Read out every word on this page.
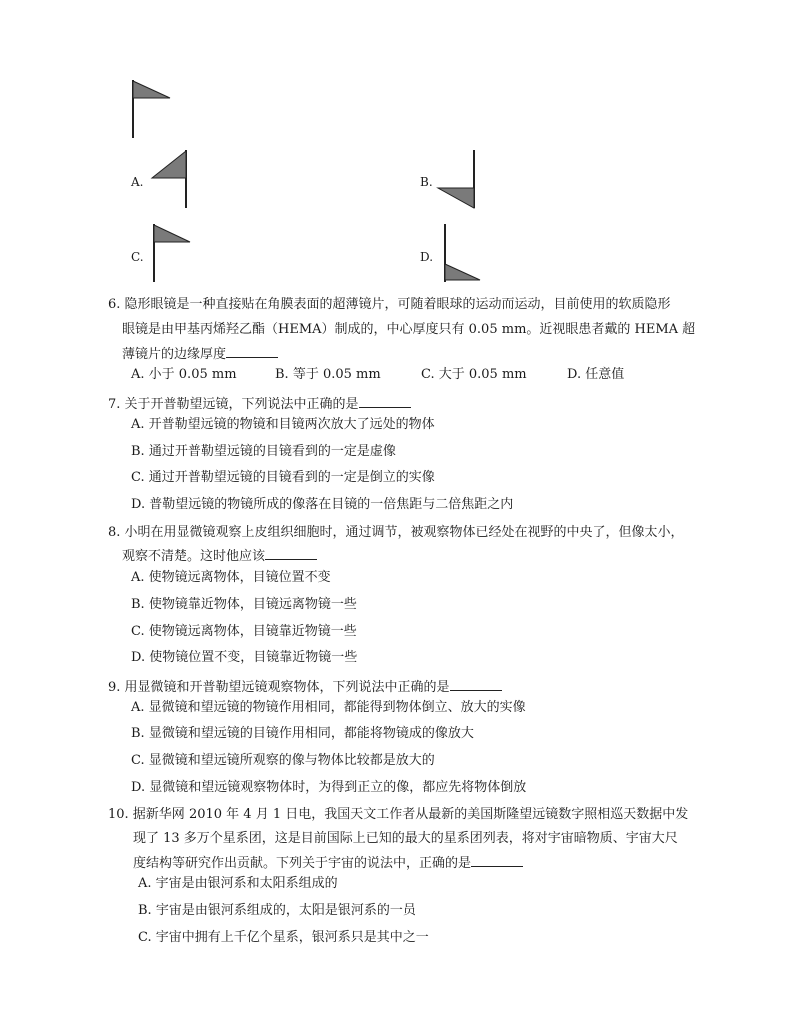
A.	B.
C.	D.
6. 隐形眼镜是一种直接贴在角膜表面的超薄镜片，可随着眼球的运动而运动，目前使用的软质隐形
眼镜是由甲基丙烯羟乙酯（HEMA）制成的，中心厚度只有 0.05 mm。近视眼患者戴的 HEMA 超
薄镜片的边缘厚度
A. 小于 0.05 mm	B. 等于 0.05 mm	C. 大于 0.05 mm	D. 任意值
7. 关于开普勒望远镜，下列说法中正确的是
A. 开普勒望远镜的物镜和目镜两次放大了远处的物体
B. 通过开普勒望远镜的目镜看到的一定是虚像
C. 通过开普勒望远镜的目镜看到的一定是倒立的实像
D. 普勒望远镜的物镜所成的像落在目镜的一倍焦距与二倍焦距之内
8. 小明在用显微镜观察上皮组织细胞时，通过调节，被观察物体已经处在视野的中央了，但像太小，
观察不清楚。这时他应该
A. 使物镜远离物体，目镜位置不变
B. 使物镜靠近物体，目镜远离物镜一些
C. 使物镜远离物体，目镜靠近物镜一些
D. 使物镜位置不变，目镜靠近物镜一些
9. 用显微镜和开普勒望远镜观察物体，下列说法中正确的是
A. 显微镜和望远镜的物镜作用相同，都能得到物体倒立、放大的实像
B. 显微镜和望远镜的目镜作用相同，都能将物镜成的像放大
C. 显微镜和望远镜所观察的像与物体比较都是放大的
D. 显微镜和望远镜观察物体时，为得到正立的像，都应先将物体倒放
10. 据新华网 2010 年 4 月 1 日电，我国天文工作者从最新的美国斯隆望远镜数字照相巡天数据中发
现了 13 多万个星系团，这是目前国际上已知的最大的星系团列表，将对宇宙暗物质、宇宙大尺
度结构等研究作出贡献。下列关于宇宙的说法中，正确的是
A. 宇宙是由银河系和太阳系组成的
B. 宇宙是由银河系组成的，太阳是银河系的一员
C. 宇宙中拥有上千亿个星系，银河系只是其中之一
